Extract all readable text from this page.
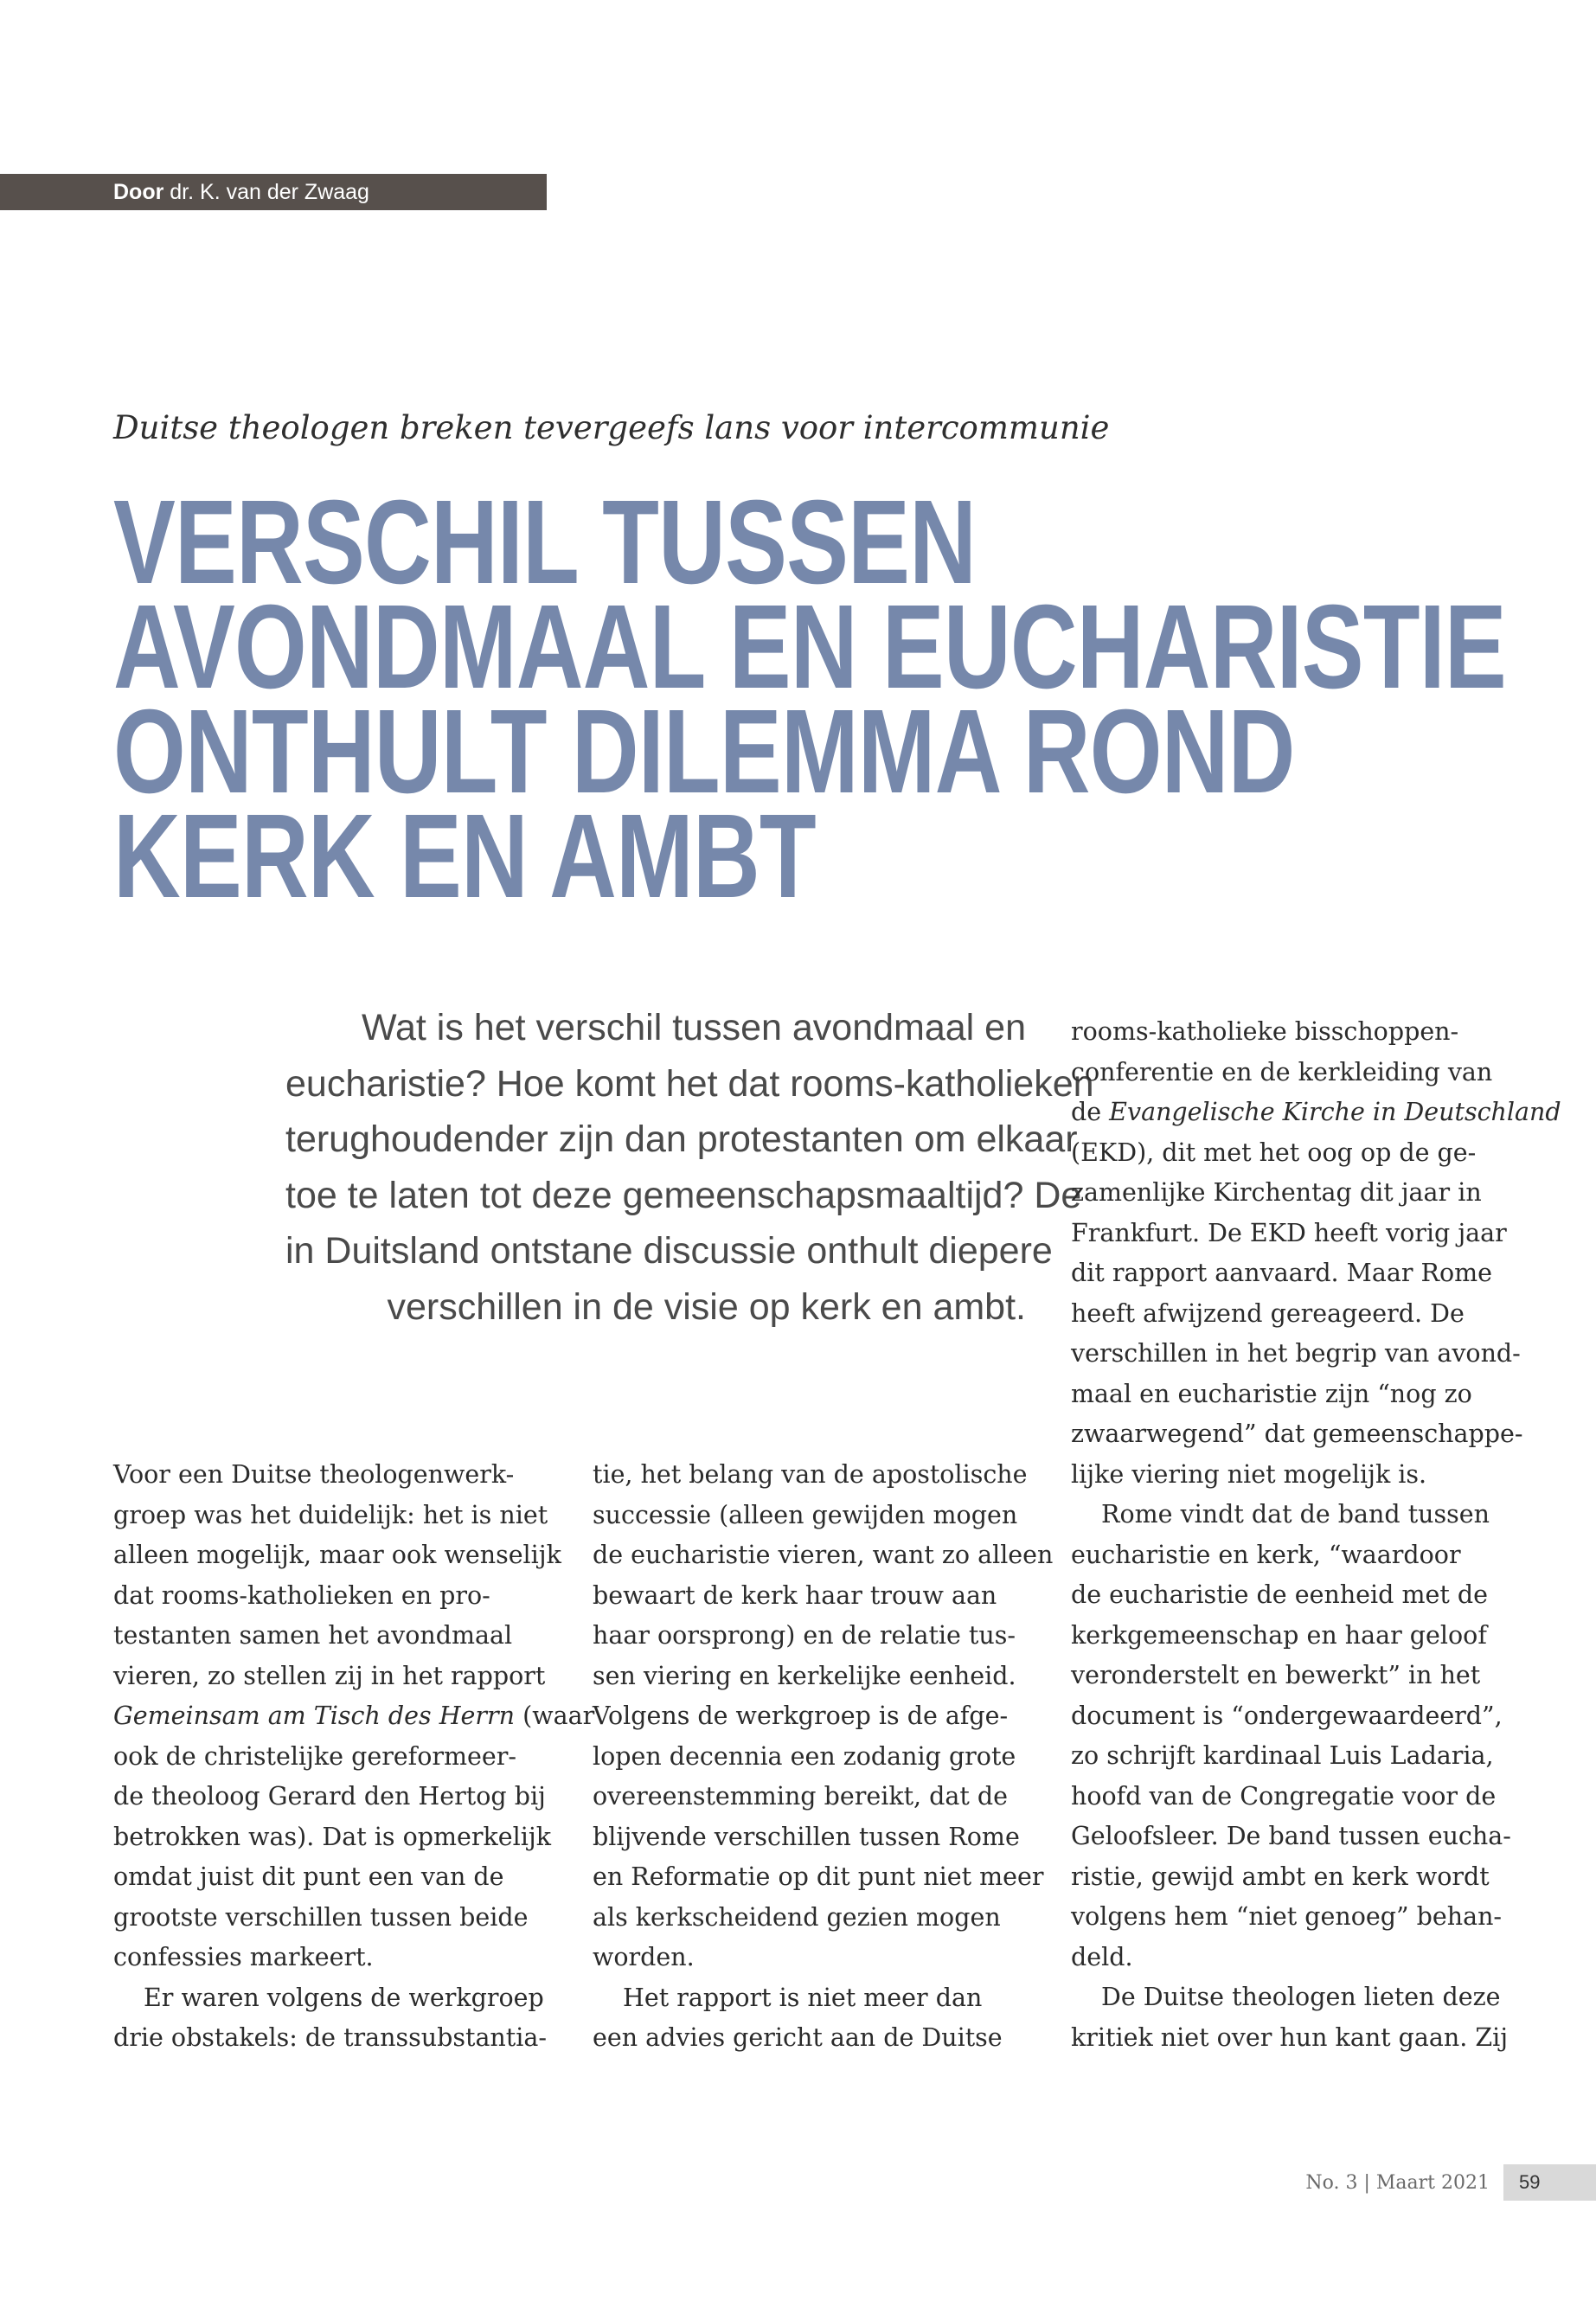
Door dr. K. van der Zwaag
Duitse theologen breken tevergeefs lans voor intercommunie
VERSCHIL TUSSEN
AVONDMAAL EN EUCHARISTIE
ONTHULT DILEMMA ROND
KERK EN AMBT
Wat is het verschil tussen avondmaal en
eucharistie? Hoe komt het dat rooms-katholieken
terughoudender zijn dan protestanten om elkaar
toe te laten tot deze gemeenschapsmaaltijd? De
in Duitsland ontstane discussie onthult diepere
verschillen in de visie op kerk en ambt.
Voor een Duitse theologenwerk-
groep was het duidelijk: het is niet
alleen mogelijk, maar ook wenselijk
dat rooms-katholieken en pro-
testanten samen het avondmaal
vieren, zo stellen zij in het rapport
Gemeinsam am Tisch des Herrn (waar
ook de christelijke gereformeer-
de theoloog Gerard den Hertog bij
betrokken was). Dat is opmerkelijk
omdat juist dit punt een van de
grootste verschillen tussen beide
confessies markeert.
Er waren volgens de werkgroep
drie obstakels: de transsubstantia-
tie, het belang van de apostolische
successie (alleen gewijden mogen
de eucharistie vieren, want zo alleen
bewaart de kerk haar trouw aan
haar oorsprong) en de relatie tus-
sen viering en kerkelijke eenheid.
Volgens de werkgroep is de afge-
lopen decennia een zodanig grote
overeenstemming bereikt, dat de
blijvende verschillen tussen Rome
en Reformatie op dit punt niet meer
als kerkscheidend gezien mogen
worden.
Het rapport is niet meer dan
een advies gericht aan de Duitse
rooms-katholieke bisschoppen-
conferentie en de kerkleiding van
de Evangelische Kirche in Deutschland
(EKD), dit met het oog op de ge-
zamenlijke Kirchentag dit jaar in
Frankfurt. De EKD heeft vorig jaar
dit rapport aanvaard. Maar Rome
heeft afwijzend gereageerd. De
verschillen in het begrip van avond-
maal en eucharistie zijn “nog zo
zwaarwegend” dat gemeenschappe-
lijke viering niet mogelijk is.
Rome vindt dat de band tussen
eucharistie en kerk, “waardoor
de eucharistie de eenheid met de
kerkgemeenschap en haar geloof
veronderstelt en bewerkt” in het
document is “ondergewaardeerd”,
zo schrijft kardinaal Luis Ladaria,
hoofd van de Congregatie voor de
Geloofsleer. De band tussen eucha-
ristie, gewijd ambt en kerk wordt
volgens hem “niet genoeg” behan-
deld.
De Duitse theologen lieten deze
kritiek niet over hun kant gaan. Zij
No. 3 | Maart 2021	59
